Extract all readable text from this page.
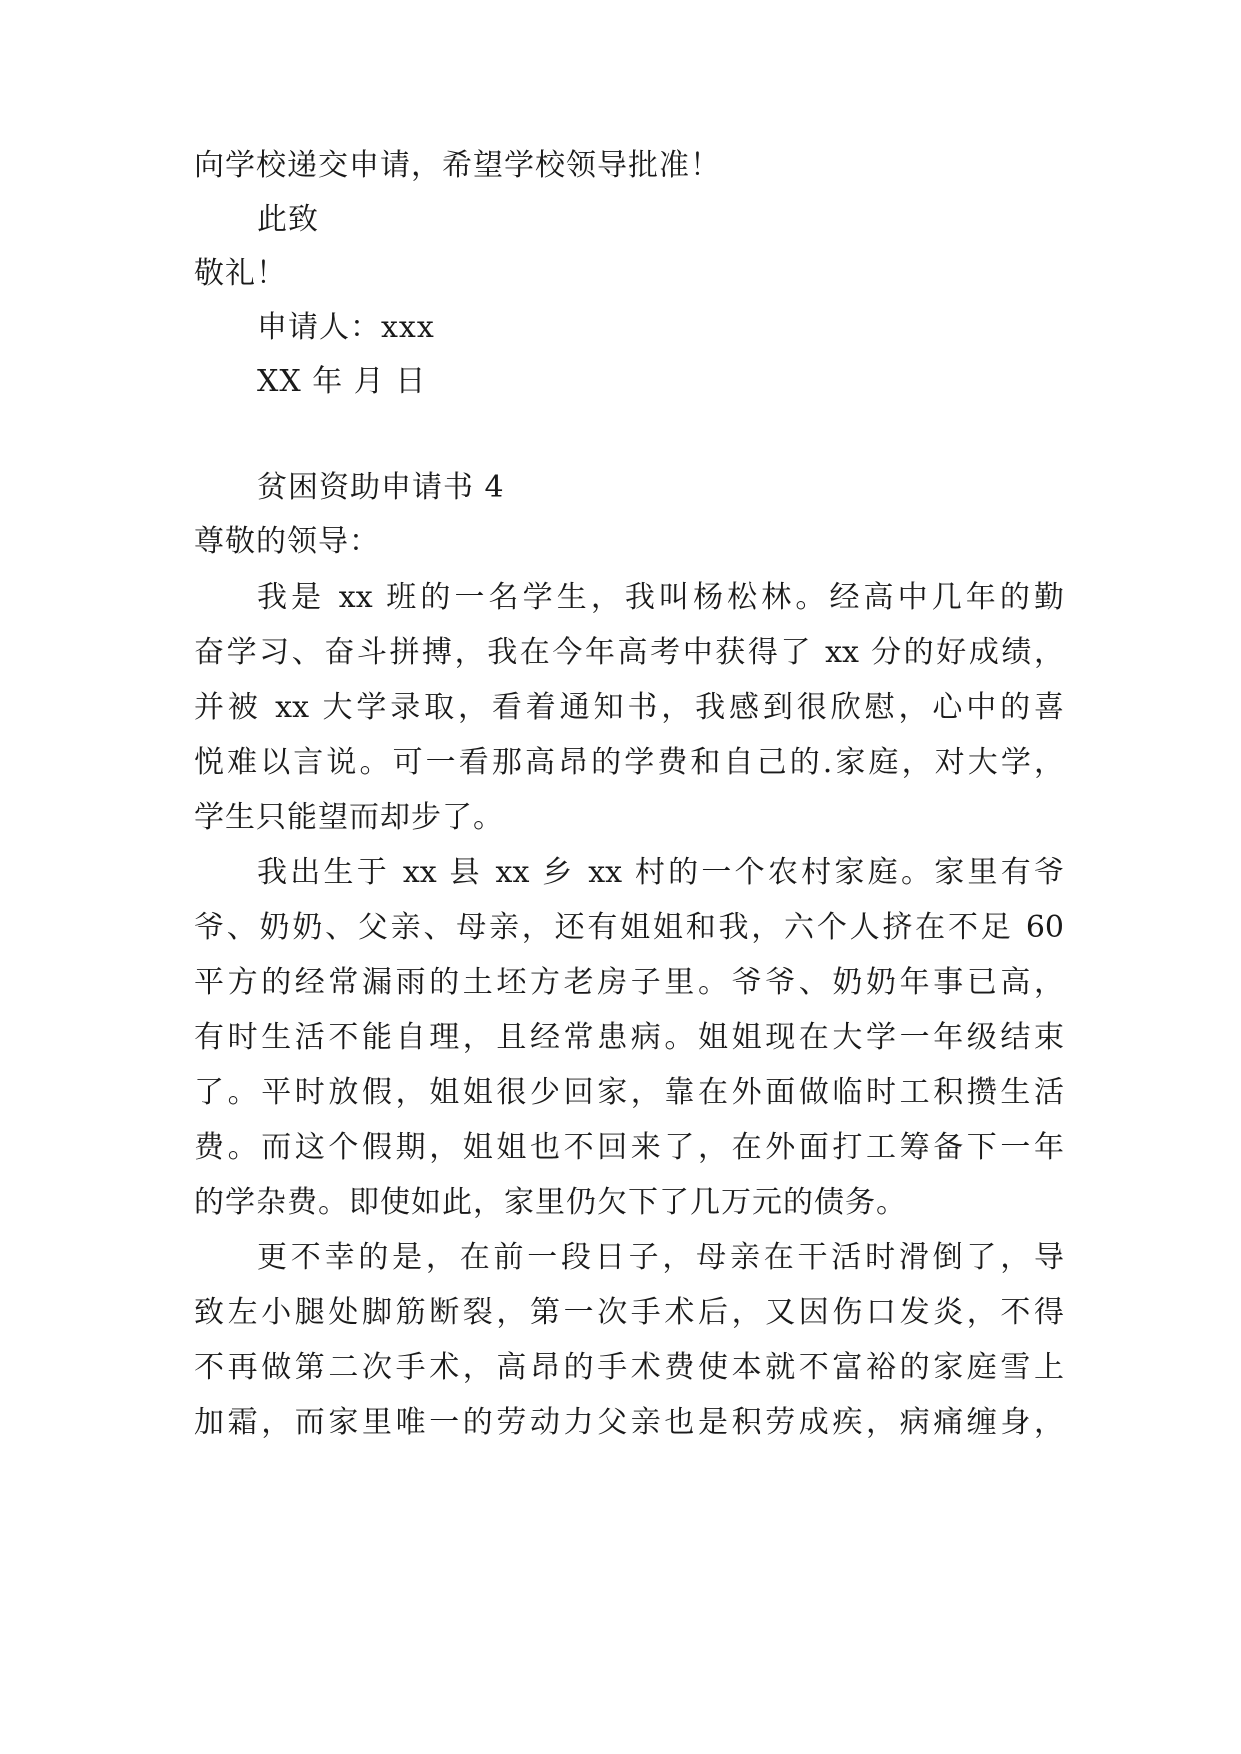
向学校递交申请，希望学校领导批准！
此致
敬礼！
申请人：xxx
XX 年 月 日
贫困资助申请书 4
尊敬的领导：
我是 xx 班的一名学生，我叫杨松林。经高中几年的勤
奋学习、奋斗拼搏，我在今年高考中获得了 xx 分的好成绩，
并被 xx 大学录取，看着通知书，我感到很欣慰，心中的喜
悦难以言说。可一看那高昂的学费和自己的.家庭，对大学，
学生只能望而却步了。
我出生于 xx 县 xx 乡 xx 村的一个农村家庭。家里有爷
爷、奶奶、父亲、母亲，还有姐姐和我，六个人挤在不足 60
平方的经常漏雨的土坯方老房子里。爷爷、奶奶年事已高，
有时生活不能自理，且经常患病。姐姐现在大学一年级结束
了。平时放假，姐姐很少回家，靠在外面做临时工积攒生活
费。而这个假期，姐姐也不回来了，在外面打工筹备下一年
的学杂费。即使如此，家里仍欠下了几万元的债务。
更不幸的是，在前一段日子，母亲在干活时滑倒了，导
致左小腿处脚筋断裂，第一次手术后，又因伤口发炎，不得
不再做第二次手术，高昂的手术费使本就不富裕的家庭雪上
加霜，而家里唯一的劳动力父亲也是积劳成疾，病痛缠身，
